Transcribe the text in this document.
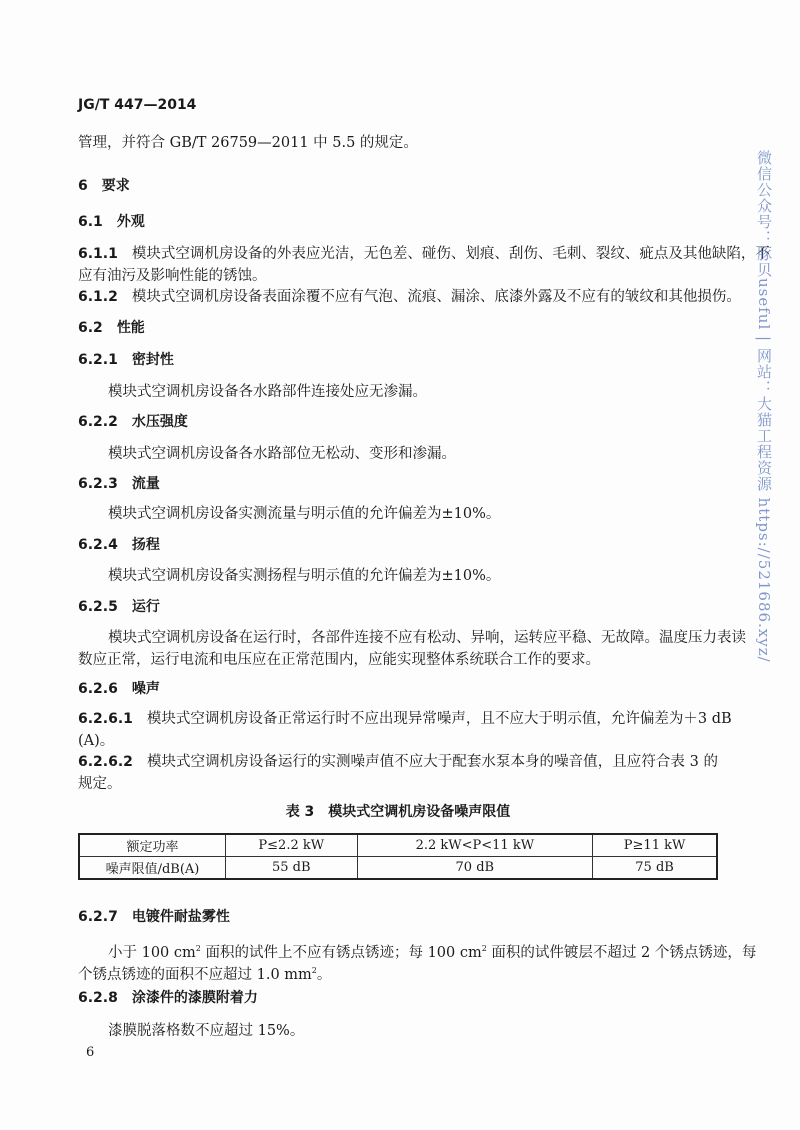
JG/T 447—2014
管理，并符合 GB/T 26759—2011 中 5.5 的规定。
6 要求
6.1 外观
6.1.1 模块式空调机房设备的外表应光洁，无色差、碰伤、划痕、刮伤、毛刺、裂纹、疵点及其他缺陷，不
应有油污及影响性能的锈蚀。
6.1.2 模块式空调机房设备表面涂覆不应有气泡、流痕、漏涂、底漆外露及不应有的皱纹和其他损伤。
6.2 性能
6.2.1 密封性
模块式空调机房设备各水路部件连接处应无渗漏。
6.2.2 水压强度
模块式空调机房设备各水路部位无松动、变形和渗漏。
6.2.3 流量
模块式空调机房设备实测流量与明示值的允许偏差为±10%。
6.2.4 扬程
模块式空调机房设备实测扬程与明示值的允许偏差为±10%。
6.2.5 运行
模块式空调机房设备在运行时，各部件连接不应有松动、异响，运转应平稳、无故障。温度压力表读
数应正常，运行电流和电压应在正常范围内，应能实现整体系统联合工作的要求。
6.2.6 噪声
6.2.6.1 模块式空调机房设备正常运行时不应出现异常噪声，且不应大于明示值，允许偏差为＋3 dB
(A)。
6.2.6.2 模块式空调机房设备运行的实测噪声值不应大于配套水泵本身的噪音值，且应符合表 3 的
规定。
表 3　模块式空调机房设备噪声限值
额定功率	P≤2.2 kW	2.2 kW<P<11 kW	P≥11 kW
噪声限值/dB(A)	55 dB	70 dB	75 dB
6.2.7 电镀件耐盐雾性
小于 100 $cm^2$ 面积的试件上不应有锈点锈迹；每 100 $cm^2$ 面积的试件镀层不超过 2 个锈点锈迹，每
个锈点锈迹的面积不应超过 1.0 $mm^2$。
6.2.8 涂漆件的漆膜附着力
漆膜脱落格数不应超过 15%。
6
微信公众号：豚贝useful | 网站：大猫工程资源 https://521686.xyz/
